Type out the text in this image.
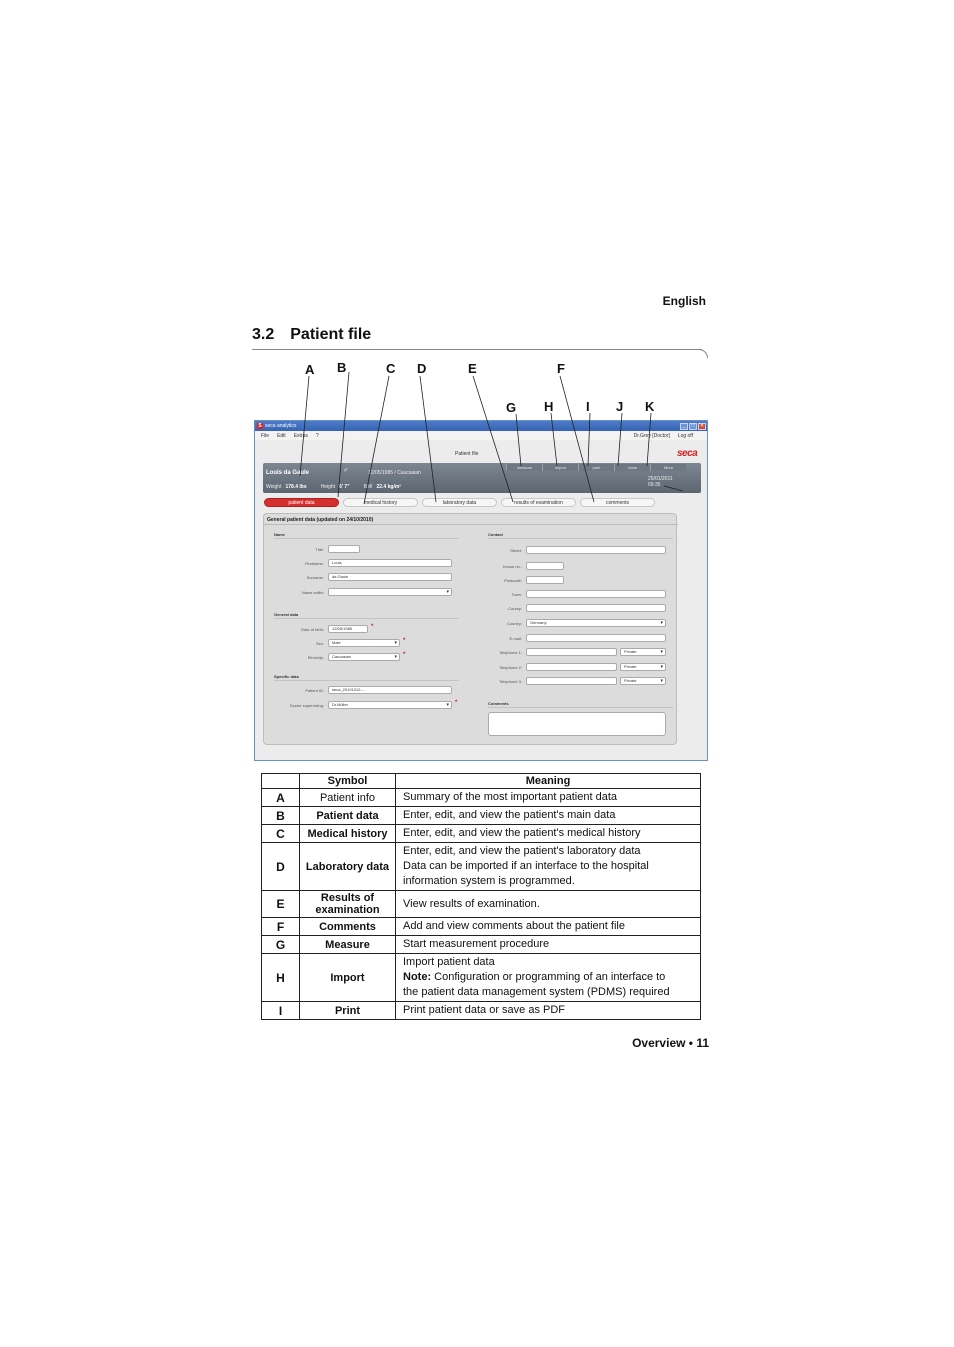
English
3.2 Patient file
A B	C D	E	F
G H	I J K
S seca analytics	_	□	✕
File Edit Extras ?	Dr.Grey [Doctor] Log off
Patient file	seca
Louis da Gaule	♂	12/05/1985 / Caucasian
measure	import	print	close	More
Weight 178.4 lbs	Height 6' 7"	BMI 22.4 kg/m²
25/01/2011
09:35
patient data	medical history	laboratory data	results of examination	comments
General patient data (updated on 24/10/2010)
Name
Title:
Firstname:	Louis
Surname:	da Gaule
Name suffix:
▾
General data
Date of birth:	12/05/1985	*
Sex:	Male ▾	*
Ethnicity:	Caucasian ▾	*
Specific data
Patient ID:	seca_20101012-...
Doctor supervising:	Dr.Müller ▾	*
Contact
Street:
House no.:
Postcode:
Town:
County:
Country:	Germany ▾
E-mail:
Telephone 1:	Private ▾
Telephone 2:	Private ▾
Telephone 3:	Private ▾
Comments
	Symbol	Meaning
A	Patient info	Summary of the most important patient data
B	Patient data	Enter, edit, and view the patient's main data
C	Medical history	Enter, edit, and view the patient's medical history
D	Laboratory data	Enter, edit, and view the patient's laboratory data
Data can be imported if an interface to the hospital
information system is programmed.

E	Results of examination	View results of examination.
F	Comments	Add and view comments about the patient file
G	Measure	Start measurement procedure
H	Import	Import patient data
Note: Configuration or programming of an interface to
the patient data management system (PDMS) required

I	Print	Print patient data or save as PDF
Overview • 11
